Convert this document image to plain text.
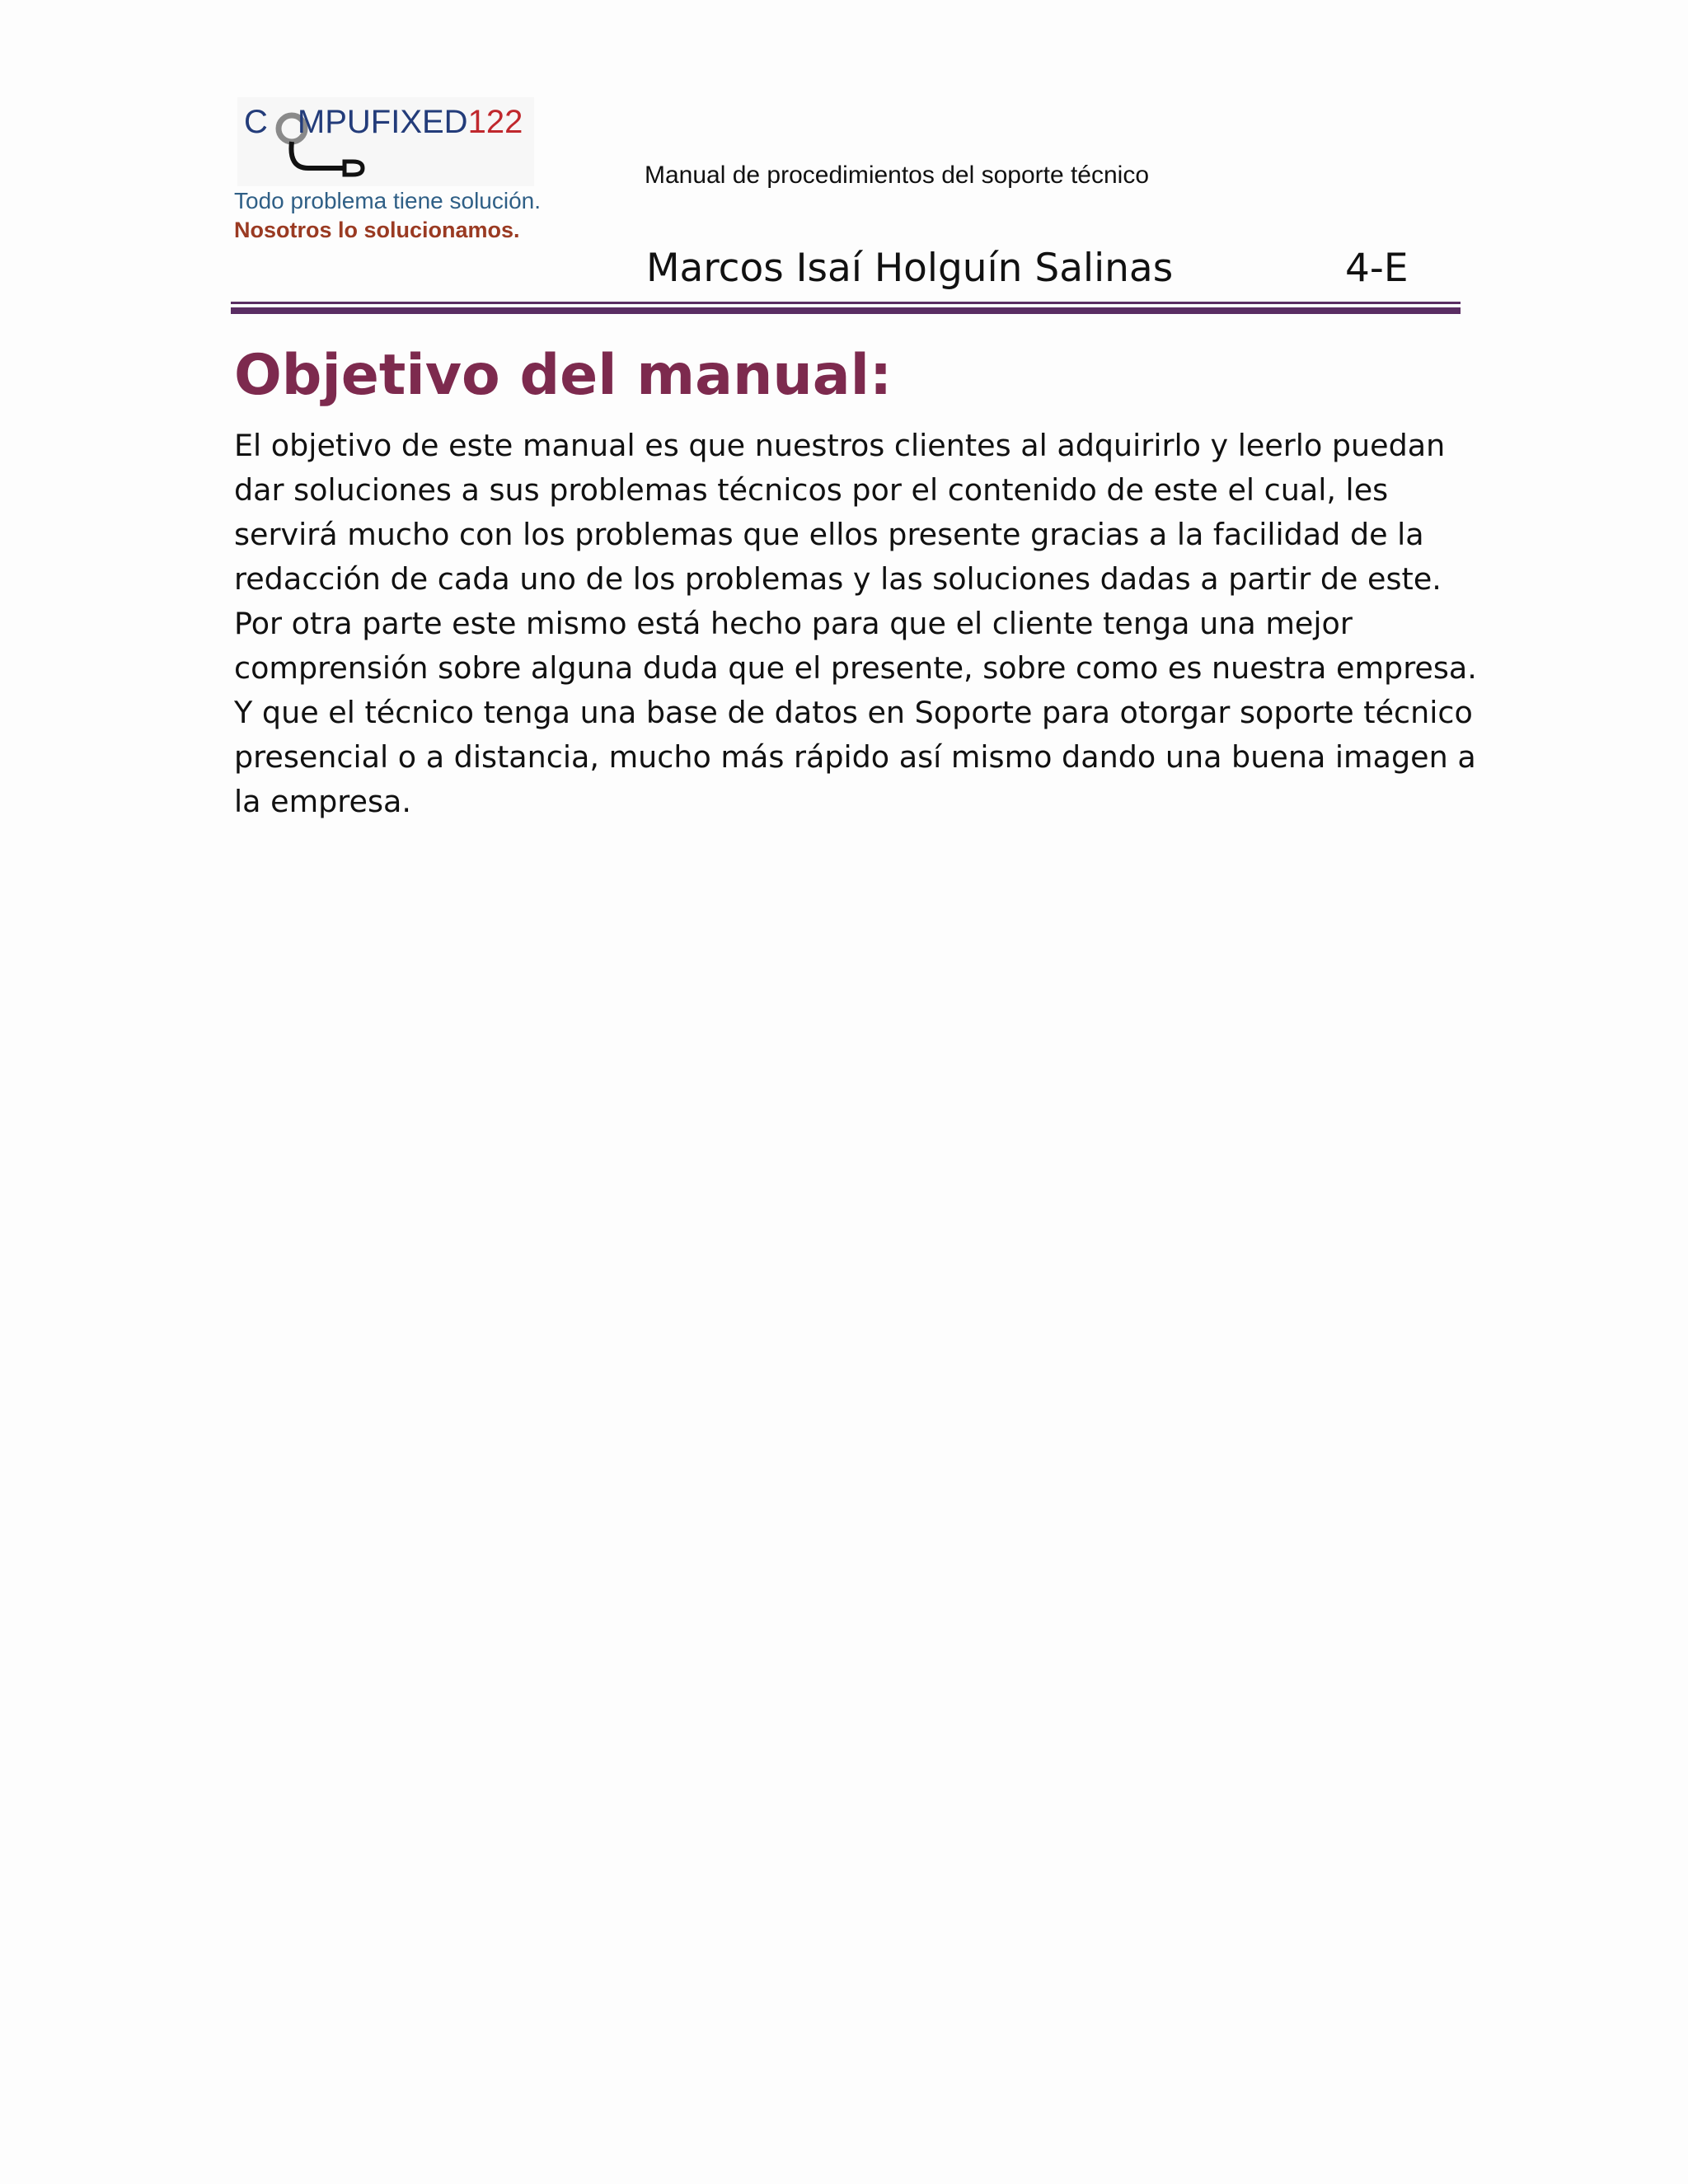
C MPUFIXED122
Todo problema tiene solución.
Nosotros lo solucionamos.
Manual de procedimientos del soporte técnico
Marcos Isaí Holguín Salinas	4-E
Objetivo del manual:

El objetivo de este manual es que nuestros clientes al adquirirlo y leerlo puedan
dar soluciones a sus problemas técnicos por el contenido de este el cual, les
servirá mucho con los problemas que ellos presente gracias a la facilidad de la
redacción de cada uno de los problemas y las soluciones dadas a partir de este.
Por otra parte este mismo está hecho para que el cliente tenga una mejor
comprensión sobre alguna duda que el presente, sobre como es nuestra empresa.
Y que el técnico tenga una base de datos en Soporte para otorgar soporte técnico
presencial o a distancia, mucho más rápido así mismo dando una buena imagen a
la empresa.
